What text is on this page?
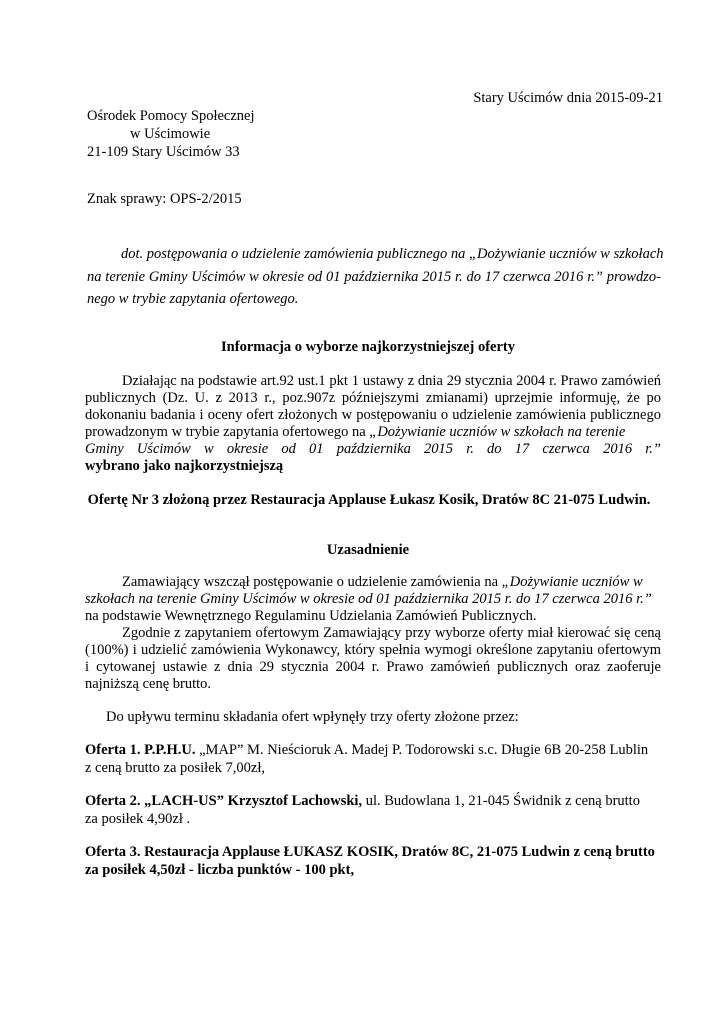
Stary Uścimów dnia 2015-09-21
Ośrodek Pomocy Społecznej
w Uścimowie
21-109 Stary Uścimów 33
Znak sprawy: OPS-2/2015
dot. postępowania o udzielenie zamówienia publicznego na „Dożywianie uczniów w szkołach
na terenie Gminy Uścimów w okresie od 01 października 2015 r. do 17 czerwca 2016 r.” prowdzo-
nego w trybie zapytania ofertowego.
Informacja o wyborze najkorzystniejszej oferty
Działając na podstawie art.92 ust.1 pkt 1 ustawy z dnia 29 stycznia 2004 r. Prawo zamówień
publicznych (Dz. U. z 2013 r., poz.907z późniejszymi zmianami) uprzejmie informuję, że po
dokonaniu badania i oceny ofert złożonych w postępowaniu o udzielenie zamówienia publicznego
prowadzonym w trybie zapytania ofertowego na „Dożywianie uczniów w szkołach na terenie
Gminy Uścimów w okresie od 01 października 2015 r. do 17 czerwca 2016 r.”
wybrano jako najkorzystniejszą
Ofertę Nr 3 złożoną przez Restauracja Applause Łukasz Kosik, Dratów 8C 21-075 Ludwin.
Uzasadnienie
Zamawiający wszczął postępowanie o udzielenie zamówienia na „Dożywianie uczniów w
szkołach na terenie Gminy Uścimów w okresie od 01 października 2015 r. do 17 czerwca 2016 r.”
na podstawie Wewnętrznego Regulaminu Udzielania Zamówień Publicznych.
Zgodnie z zapytaniem ofertowym Zamawiający przy wyborze oferty miał kierować się ceną
(100%) i udzielić zamówienia Wykonawcy, który spełnia wymogi określone zapytaniu ofertowym
i cytowanej ustawie z dnia 29 stycznia 2004 r. Prawo zamówień publicznych oraz zaoferuje
najniższą cenę brutto.
Do upływu terminu składania ofert wpłynęły trzy oferty złożone przez:
Oferta 1. P.P.H.U. „MAP” M. Nieścioruk A. Madej P. Todorowski s.c. Długie 6B 20-258 Lublin
z ceną brutto za posiłek 7,00zł,
Oferta 2. „LACH-US” Krzysztof Lachowski, ul. Budowlana 1, 21-045 Świdnik z ceną brutto
za posiłek 4,90zł .
Oferta 3. Restauracja Applause ŁUKASZ KOSIK, Dratów 8C, 21-075 Ludwin z ceną brutto
za posiłek 4,50zł - liczba punktów - 100 pkt,
